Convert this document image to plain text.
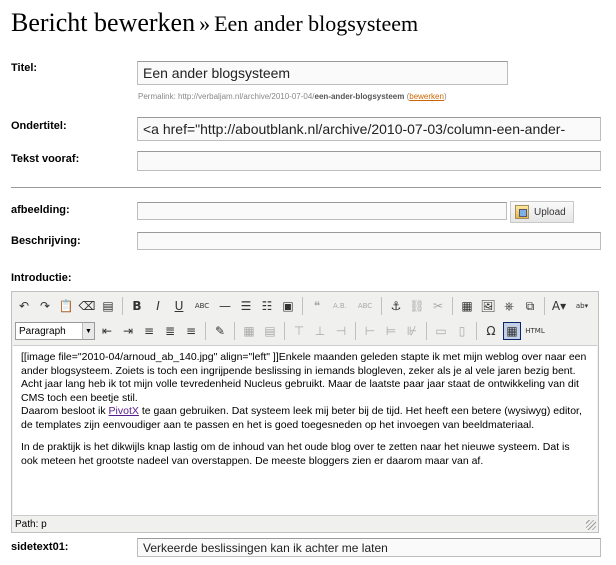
Bericht bewerken » Een ander blogsysteem
Titel:	Een ander blogsysteem
Permalink: http://verbaljam.nl/archive/2010-07-04/een-ander-blogsysteem (bewerken)
Ondertitel:	<a href="http://aboutblank.nl/archive/2010-07-03/column-een-ander-
Tekst vooraf:
afbeelding:	Upload
Beschrijving:
Introductie:
↶ ↷ 📋 ⌫ ▤	B	I	U	ABC — ☰ ☷ ▣	❝	A.B.	ABC	⚓ ⛓ ✂	▦ 🖼 ⎈ ⧉	A▾	ab▾
Paragraph	▼ ⇤ ⇥ ≡ ≣ ≡	✎	▦ ▤	⊤ ⊥ ⊣	⊢ ⊨ ⊮	▭	▯	Ω ▦	HTML

[[image file="2010-04/arnoud_ab_140.jpg" align="left" ]]Enkele maanden geleden stapte ik met mijn weblog over naar een ander blogsysteem. Zoiets is toch een ingrijpende beslissing in iemands blogleven, zeker als je al vele jaren bezig bent.

Acht jaar lang heb ik tot mijn volle tevredenheid Nucleus gebruikt. Maar de laatste paar jaar staat de ontwikkeling van dit CMS toch een beetje stil.

Daarom besloot ik PivotX te gaan gebruiken. Dat systeem leek mij beter bij de tijd. Het heeft een betere (wysiwyg) editor, de templates zijn eenvoudiger aan te passen en het is goed toegesneden op het invoegen van beeldmateriaal.

In de praktijk is het dikwijls knap lastig om de inhoud van het oude blog over te zetten naar het nieuwe systeem. Dat is ook meteen het grootste nadeel van overstappen. De meeste bloggers zien er daarom maar van af.

Path: p
sidetext01:	Verkeerde beslissingen kan ik achter me laten
